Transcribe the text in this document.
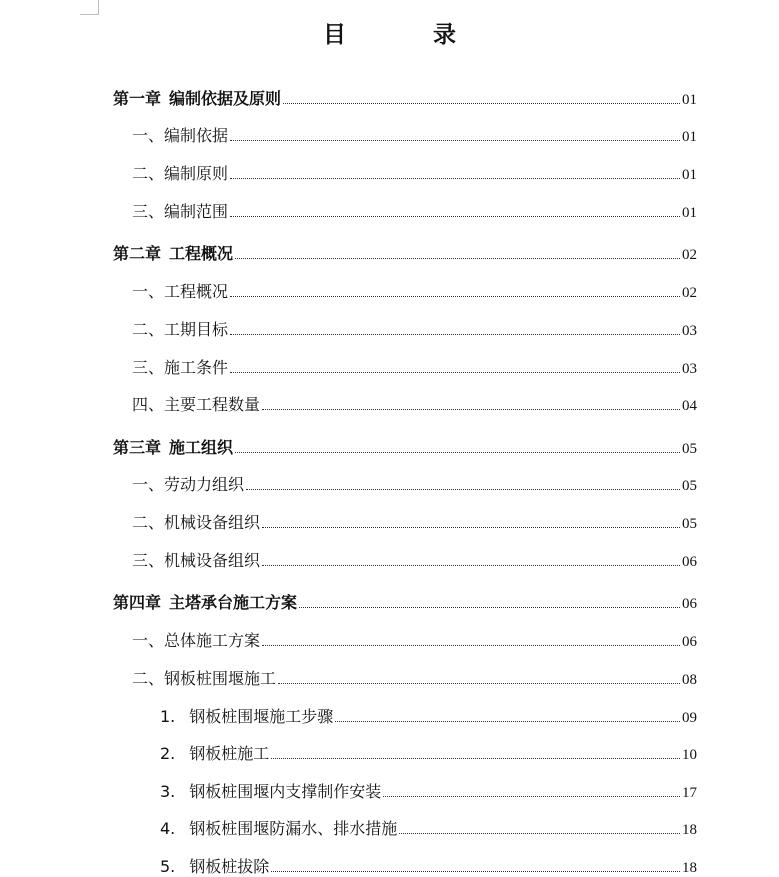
目　录
第一章 编制依据及原则	01
一、编制依据	01
二、编制原则	01
三、编制范围	01
第二章 工程概况	02
一、工程概况	02
二、工期目标	03
三、施工条件	03
四、主要工程数量	04
第三章 施工组织	05
一、劳动力组织	05
二、机械设备组织	05
三、机械设备组织	06
第四章 主塔承台施工方案	06
一、总体施工方案	06
二、钢板桩围堰施工	08
1. 钢板桩围堰施工步骤	09
2. 钢板桩施工	10
3. 钢板桩围堰内支撑制作安装	17
4. 钢板桩围堰防漏水、排水措施	18
5. 钢板桩拔除	18
